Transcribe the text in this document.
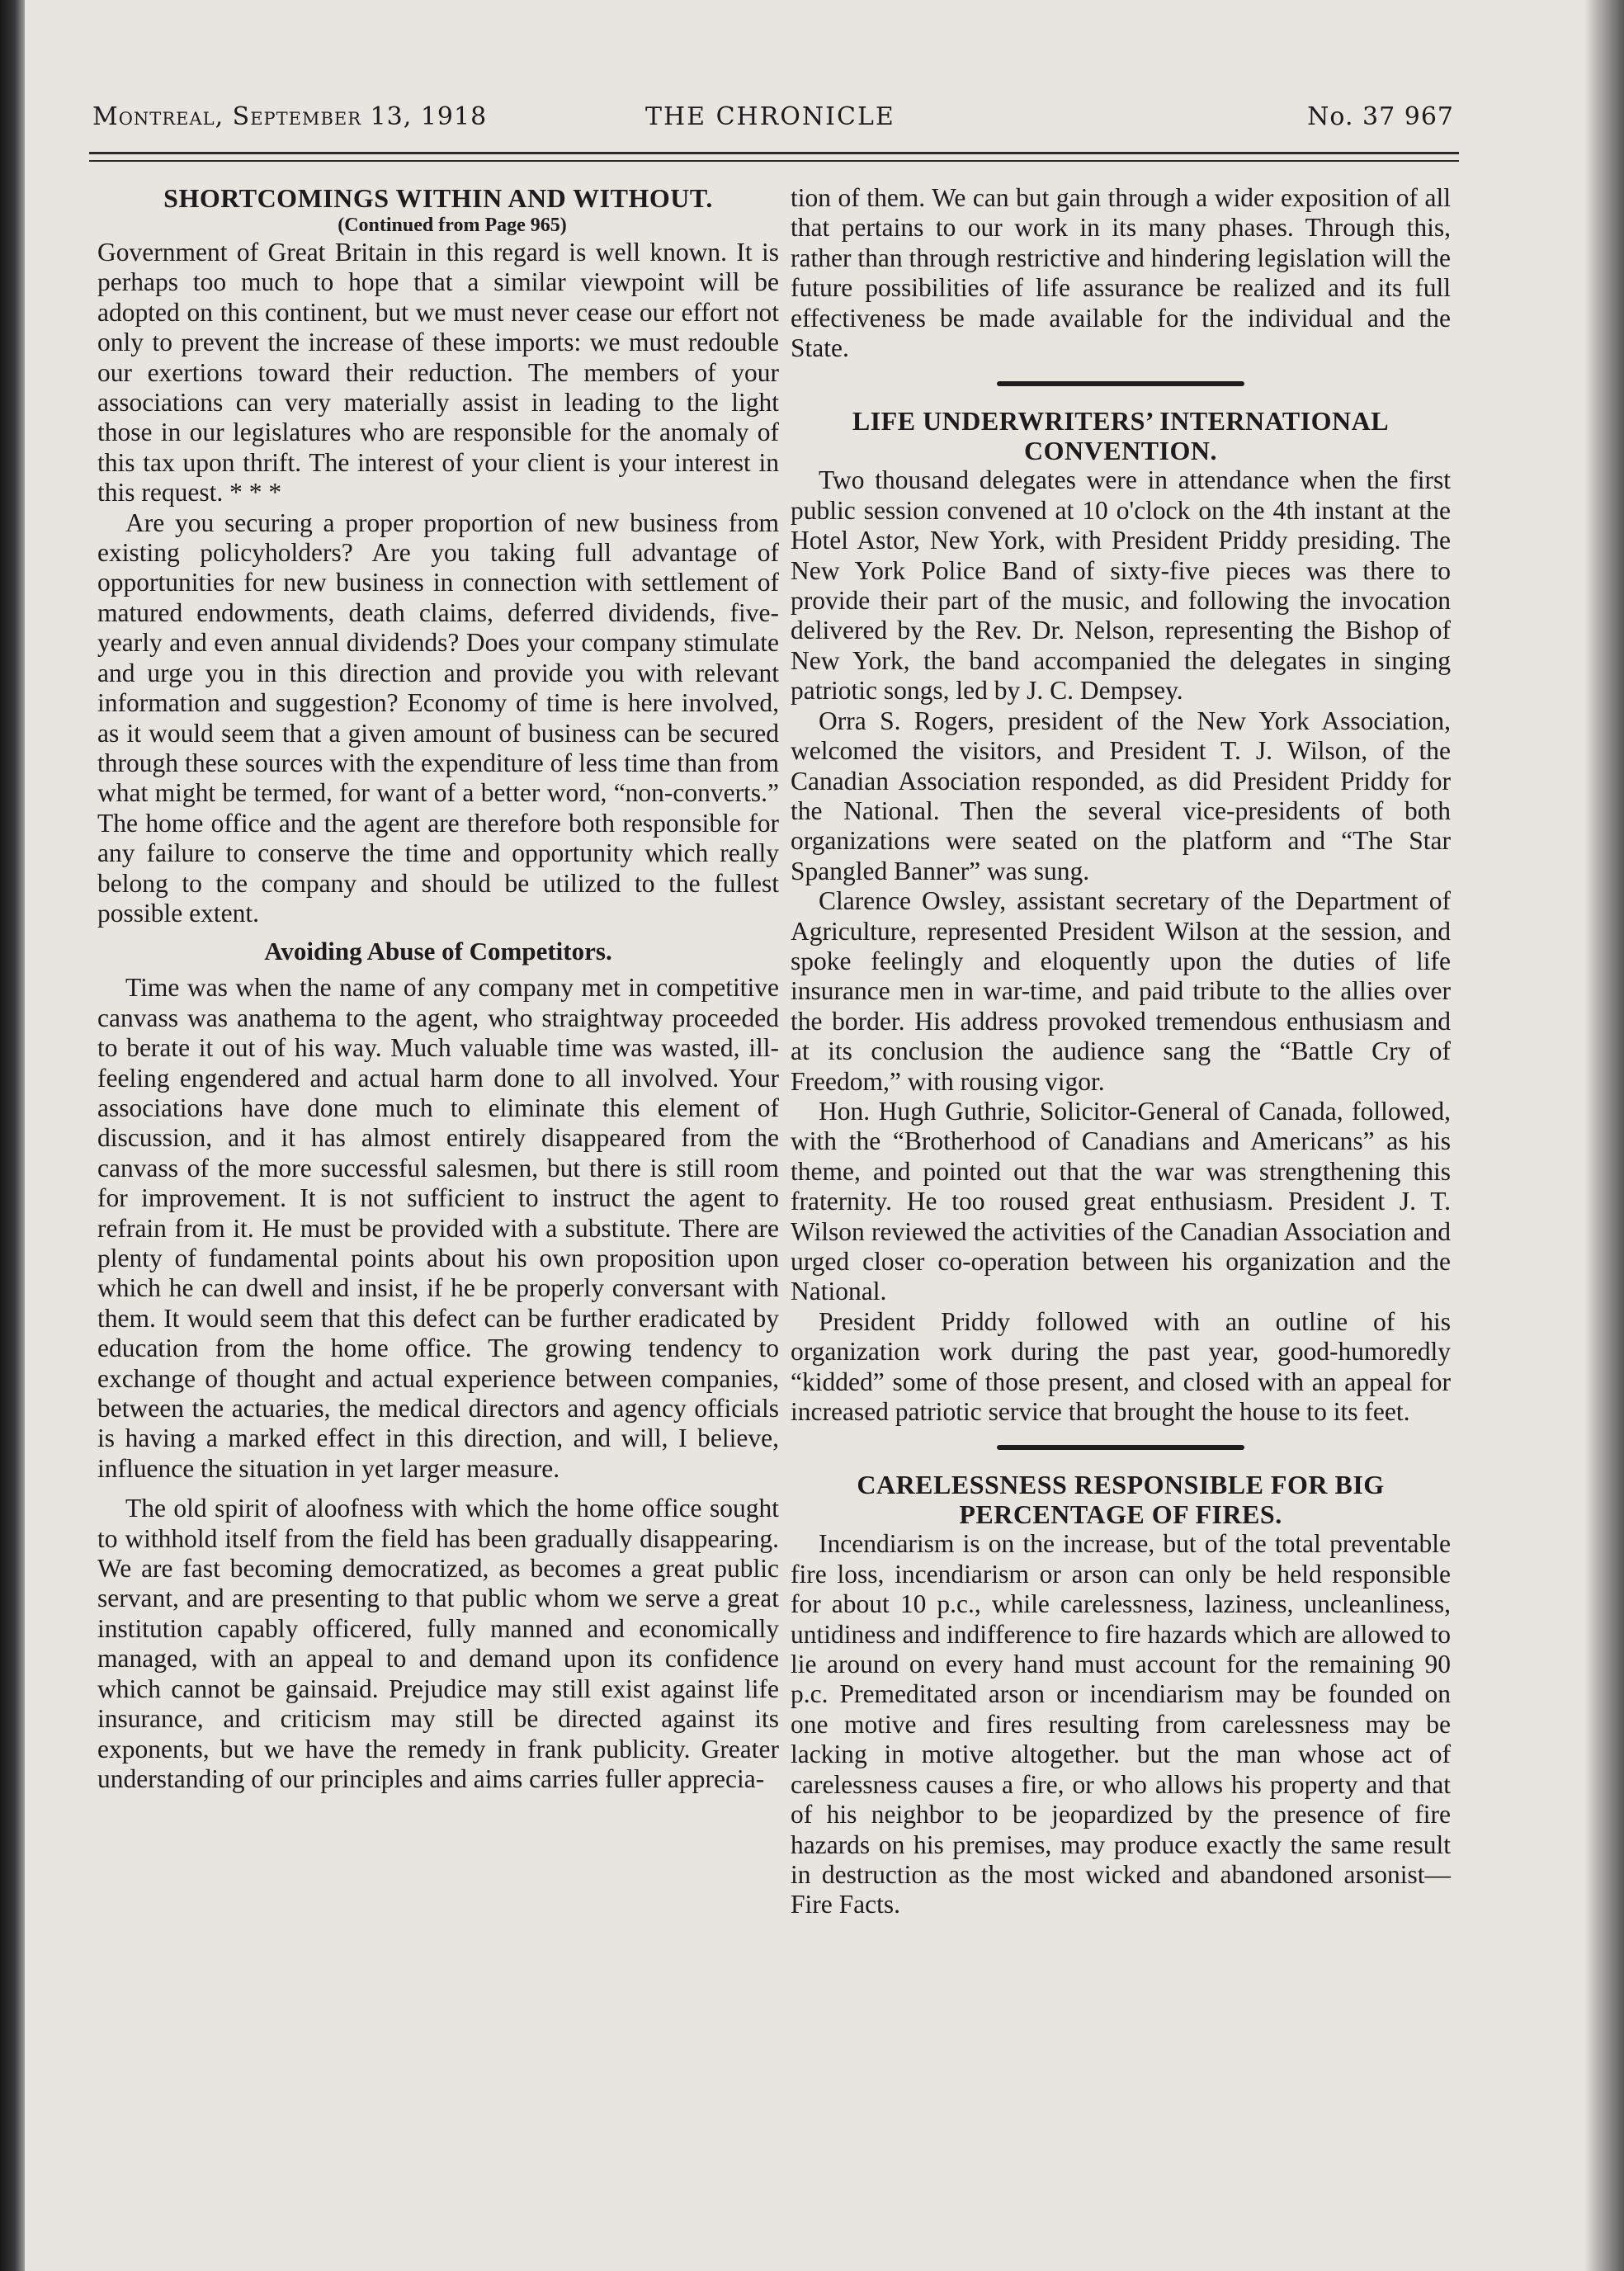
Montreal, September 13, 1918	THE CHRONICLE	No. 37 967
SHORTCOMINGS WITHIN AND WITHOUT.

(Continued from Page 965)

Government of Great Britain in this regard is well known. It is perhaps too much to hope that a similar viewpoint will be adopted on this continent, but we must never cease our effort not only to prevent the increase of these imports: we must redouble our exertions toward their reduction. The members of your associations can very materially assist in leading to the light those in our legislatures who are responsible for the anomaly of this tax upon thrift. The interest of your client is your interest in this request. * * *

Are you securing a proper proportion of new business from existing policyholders? Are you taking full advantage of opportunities for new business in connection with settlement of matured endowments, death claims, deferred dividends, five-yearly and even annual dividends? Does your company stimulate and urge you in this direction and provide you with relevant information and suggestion? Economy of time is here involved, as it would seem that a given amount of business can be secured through these sources with the expenditure of less time than from what might be termed, for want of a better word, “non-converts.” The home office and the agent are therefore both responsible for any failure to conserve the time and opportunity which really belong to the company and should be utilized to the fullest possible extent.

Avoiding Abuse of Competitors.

Time was when the name of any company met in competitive canvass was anathema to the agent, who straightway proceeded to berate it out of his way. Much valuable time was wasted, ill-feeling engendered and actual harm done to all involved. Your associations have done much to eliminate this element of discussion, and it has almost entirely disappeared from the canvass of the more successful salesmen, but there is still room for improvement. It is not sufficient to instruct the agent to refrain from it. He must be provided with a substitute. There are plenty of fundamental points about his own proposition upon which he can dwell and insist, if he be properly conversant with them. It would seem that this defect can be further eradicated by education from the home office. The growing tendency to exchange of thought and actual experience between companies, between the actuaries, the medical directors and agency officials is having a marked effect in this direction, and will, I believe, influence the situation in yet larger measure.

The old spirit of aloofness with which the home office sought to withhold itself from the field has been gradually disappearing. We are fast becoming democratized, as becomes a great public servant, and are presenting to that public whom we serve a great institution capably officered, fully manned and economically managed, with an appeal to and demand upon its confidence which cannot be gainsaid. Prejudice may still exist against life insurance, and criticism may still be directed against its exponents, but we have the remedy in frank publicity. Greater understanding of our principles and aims carries fuller apprecia-

tion of them. We can but gain through a wider exposition of all that pertains to our work in its many phases. Through this, rather than through restrictive and hindering legislation will the future possibilities of life assurance be realized and its full effectiveness be made available for the individual and the State.

LIFE UNDERWRITERS’ INTERNATIONAL CONVENTION.

Two thousand delegates were in attendance when the first public session convened at 10 o'clock on the 4th instant at the Hotel Astor, New York, with President Priddy presiding. The New York Police Band of sixty-five pieces was there to provide their part of the music, and following the invocation delivered by the Rev. Dr. Nelson, representing the Bishop of New York, the band accompanied the delegates in singing patriotic songs, led by J. C. Dempsey.

Orra S. Rogers, president of the New York Association, welcomed the visitors, and President T. J. Wilson, of the Canadian Association responded, as did President Priddy for the National. Then the several vice-presidents of both organizations were seated on the platform and “The Star Spangled Banner” was sung.

Clarence Owsley, assistant secretary of the Department of Agriculture, represented President Wilson at the session, and spoke feelingly and eloquently upon the duties of life insurance men in war-time, and paid tribute to the allies over the border. His address provoked tremendous enthusiasm and at its conclusion the audience sang the “Battle Cry of Freedom,” with rousing vigor.

Hon. Hugh Guthrie, Solicitor-General of Canada, followed, with the “Brotherhood of Canadians and Americans” as his theme, and pointed out that the war was strengthening this fraternity. He too roused great enthusiasm. President J. T. Wilson reviewed the activities of the Canadian Association and urged closer co-operation between his organization and the National.

President Priddy followed with an outline of his organization work during the past year, good-humoredly “kidded” some of those present, and closed with an appeal for increased patriotic service that brought the house to its feet.

CARELESSNESS RESPONSIBLE FOR BIG PERCENTAGE OF FIRES.

Incendiarism is on the increase, but of the total preventable fire loss, incendiarism or arson can only be held responsible for about 10 p.c., while carelessness, laziness, uncleanliness, untidiness and indifference to fire hazards which are allowed to lie around on every hand must account for the remaining 90 p.c. Premeditated arson or incendiarism may be founded on one motive and fires resulting from carelessness may be lacking in motive altogether. but the man whose act of carelessness causes a fire, or who allows his property and that of his neighbor to be jeopardized by the presence of fire hazards on his premises, may produce exactly the same result in destruction as the most wicked and abandoned arsonist—Fire Facts.
